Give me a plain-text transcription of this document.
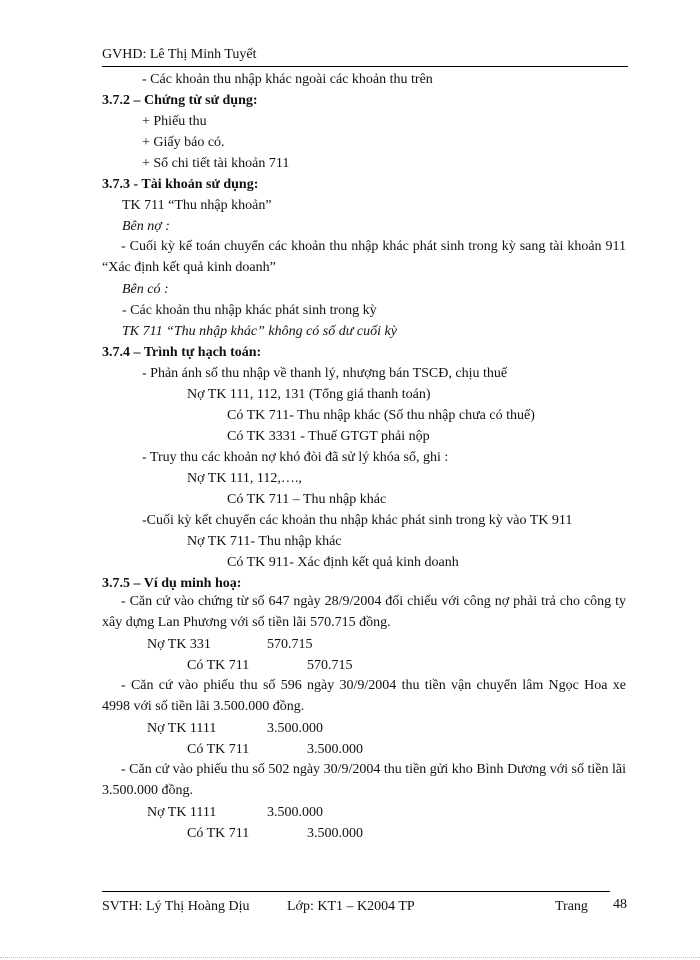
GVHD: Lê Thị Minh Tuyết
- Các khoản thu nhập khác ngoài các khoản thu trên
3.7.2 – Chứng từ sử dụng:
+ Phiếu thu
+ Giấy báo có.
+ Sổ chi tiết tài khoản 711
3.7.3 - Tài khoản sử dụng:
TK 711 “Thu nhập khoản”
Bên nợ :
- Cuối kỳ kế toán chuyển các khoản thu nhập khác phát sinh trong kỳ sang tài khoản 911 “Xác định kết quả kinh doanh”
Bên có :
- Các khoản thu nhập khác phát sinh trong kỳ
TK 711 “Thu nhập khác” không có số dư cuối kỳ
3.7.4 – Trình tự hạch toán:
- Phản ánh số thu nhập về thanh lý, nhượng bán TSCĐ, chịu thuế
Nợ TK 111, 112, 131 (Tổng giá thanh toán)
Có TK 711- Thu nhập khác (Số thu nhập chưa có thuế)
Có TK 3331 - Thuế GTGT phải nộp
- Truy thu các khoản nợ khó đòi đã sử lý khóa sổ, ghi :
Nợ TK 111, 112,….,
Có TK 711 – Thu nhập khác
-Cuối kỳ kết chuyển các khoản thu nhập khác phát sinh trong kỳ vào TK 911
Nợ TK 711- Thu nhập khác
Có TK 911- Xác định kết quả kinh doanh
3.7.5 – Ví dụ minh hoạ:
- Căn cứ vào chứng từ số 647 ngày 28/9/2004 đối chiếu với công nợ phải trả cho công ty xây dựng Lan Phương với số tiền lãi 570.715 đồng.
Nợ TK 331	570.715
Có TK 711	570.715
- Căn cứ vào phiếu thu số 596 ngày 30/9/2004 thu tiền vận chuyển lâm Ngọc Hoa xe 4998 với số tiền lãi 3.500.000 đồng.
Nợ TK 1111	3.500.000
Có TK 711	3.500.000
- Căn cứ vào phiếu thu số 502 ngày 30/9/2004 thu tiền gửi kho Bình Dương với số tiền lãi 3.500.000 đồng.
Nợ TK 1111	3.500.000
Có TK 711	3.500.000
SVTH: Lý Thị Hoàng Dịu	Lớp: KT1 – K2004 TP	Trang 48
